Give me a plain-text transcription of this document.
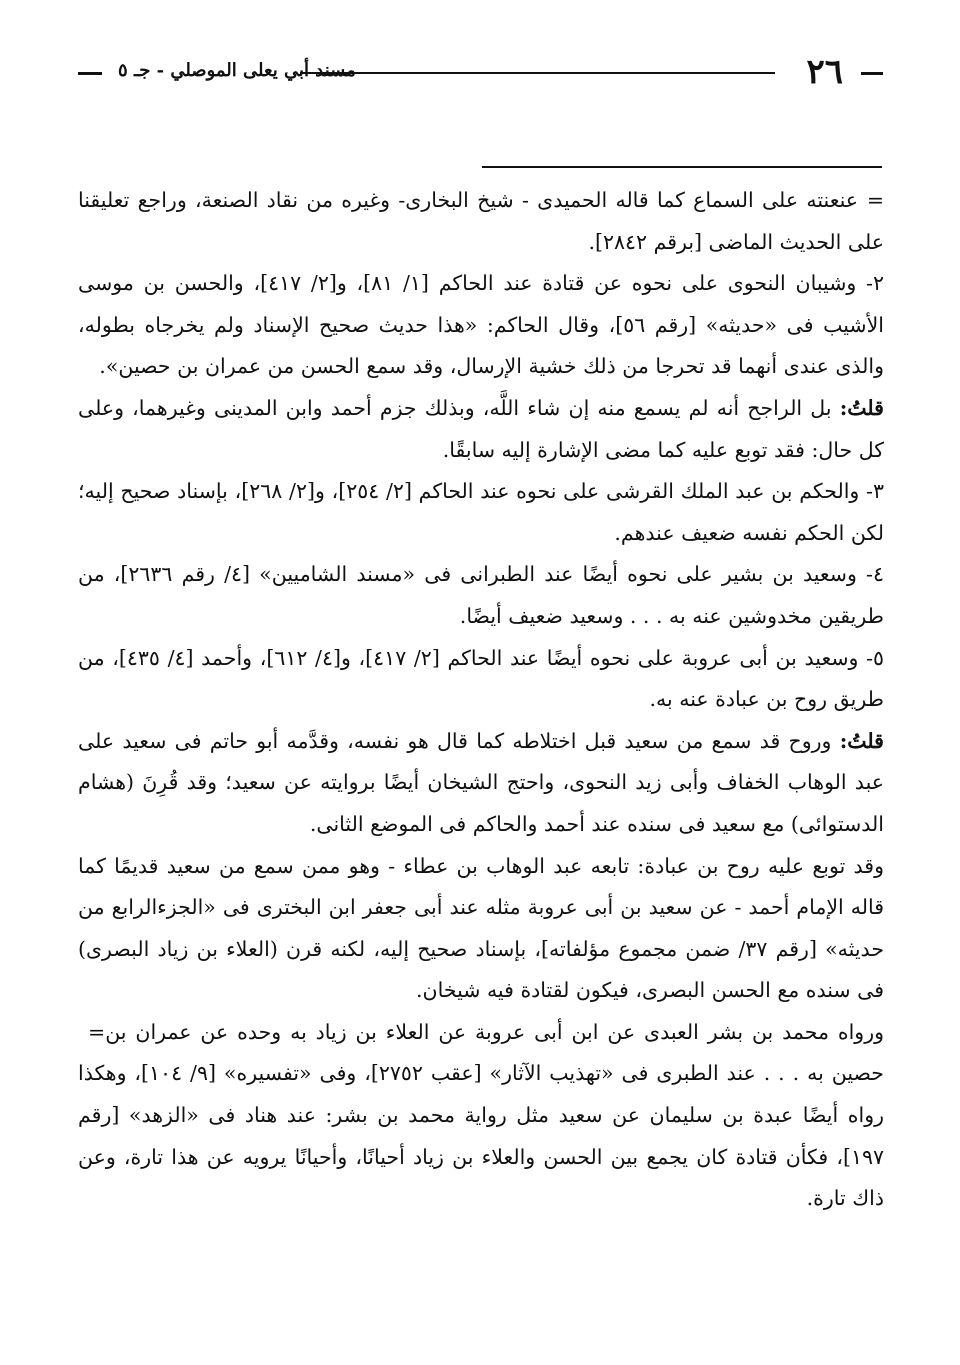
٢٦
مسند أبي يعلى الموصلي - جـ ٥

=عنعنته على السماع كما قاله الحميدى - شيخ البخارى- وغيره من نقاد الصنعة، وراجع تعليقنا على الحديث الماضى [برقم ٢٨٤٢].

٢- وشيبان النحوى على نحوه عن قتادة عند الحاكم [١/ ٨١]، و[٢/ ٤١٧]، والحسن بن موسى الأشيب فى «حديثه» [رقم ٥٦]، وقال الحاكم: «هذا حديث صحيح الإسناد ولم يخرجاه بطوله، والذى عندى أنهما قد تحرجا من ذلك خشية الإرسال، وقد سمع الحسن من عمران بن حصين».

قلتُ: بل الراجح أنه لم يسمع منه إن شاء اللَّه، وبذلك جزم أحمد وابن المدينى وغيرهما، وعلى كل حال: فقد توبع عليه كما مضى الإشارة إليه سابقًا.

٣- والحكم بن عبد الملك القرشى على نحوه عند الحاكم [٢/ ٢٥٤]، و[٢/ ٢٦٨]، بإسناد صحيح إليه؛ لكن الحكم نفسه ضعيف عندهم.

٤- وسعيد بن بشير على نحوه أيضًا عند الطبرانى فى «مسند الشاميين» [٤/ رقم ٢٦٣٦]، من طريقين مخدوشين عنه به . . . وسعيد ضعيف أيضًا.

٥- وسعيد بن أبى عروبة على نحوه أيضًا عند الحاكم [٢/ ٤١٧]، و[٤/ ٦١٢]، وأحمد [٤/ ٤٣٥]، من طريق روح بن عبادة عنه به.

قلتُ: وروح قد سمع من سعيد قبل اختلاطه كما قال هو نفسه، وقدَّمه أبو حاتم فى سعيد على عبد الوهاب الخفاف وأبى زيد النحوى، واحتج الشيخان أيضًا بروايته عن سعيد؛ وقد قُرِنَ (هشام الدستوائى) مع سعيد فى سنده عند أحمد والحاكم فى الموضع الثانى.

وقد توبع عليه روح بن عبادة: تابعه عبد الوهاب بن عطاء - وهو ممن سمع من سعيد قديمًا كما قاله الإمام أحمد - عن سعيد بن أبى عروبة مثله عند أبى جعفر ابن البخترى فى «الجزءالرابع من حديثه» [رقم ٣٧/ ضمن مجموع مؤلفاته]، بإسناد صحيح إليه، لكنه قرن (العلاء بن زياد البصرى) فى سنده مع الحسن البصرى، فيكون لقتادة فيه شيخان.

= ورواه محمد بن بشر العبدى عن ابن أبى عروبة عن العلاء بن زياد به وحده عن عمران بن حصين به . . . عند الطبرى فى «تهذيب الآثار» [عقب ٢٧٥٢]، وفى «تفسيره» [٩/ ١٠٤]، وهكذا رواه أيضًا عبدة بن سليمان عن سعيد مثل رواية محمد بن بشر: عند هناد فى «الزهد» [رقم ١٩٧]، فكأن قتادة كان يجمع بين الحسن والعلاء بن زياد أحيانًا، وأحيانًا يرويه عن هذا تارة، وعن ذاك تارة.
